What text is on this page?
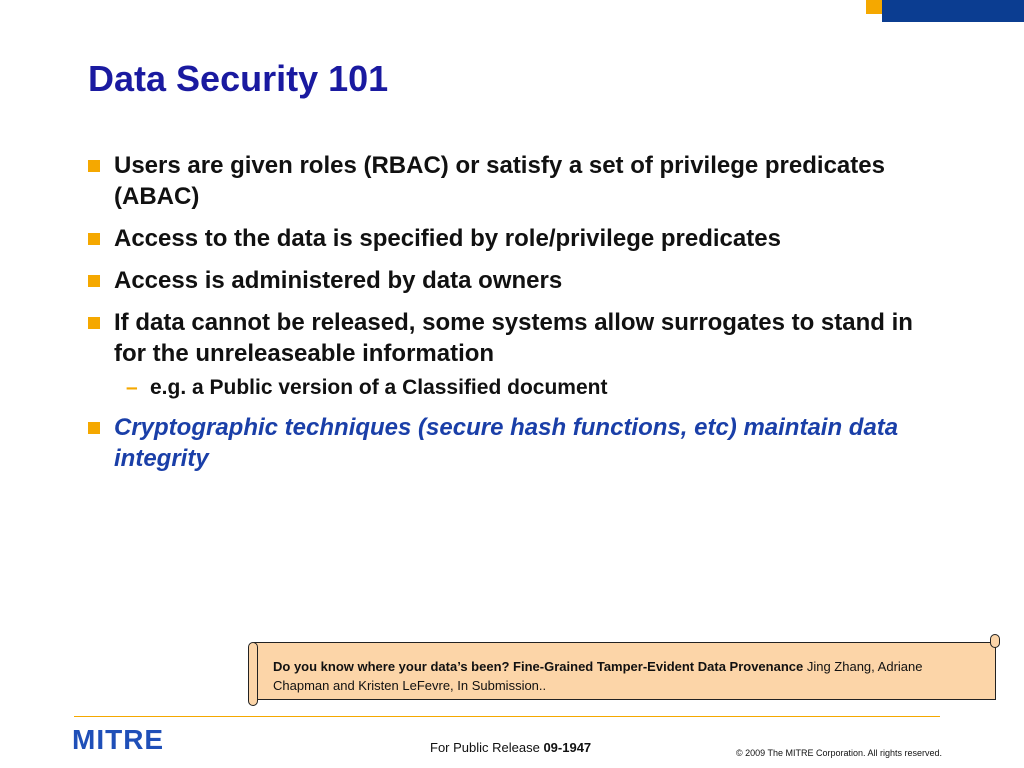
Data Security 101
Users are given roles (RBAC) or satisfy a set of privilege predicates (ABAC)
Access to the data is specified by role/privilege predicates
Access is administered by data owners
If data cannot be released, some systems allow surrogates to stand in for the unreleaseable information
– e.g. a Public version of a Classified document
Cryptographic techniques (secure hash functions, etc) maintain data integrity
Do you know where your data’s been? Fine-Grained Tamper-Evident Data Provenance Jing Zhang, Adriane Chapman and Kristen LeFevre, In Submission..
MITRE	For Public Release 09-1947	© 2009 The MITRE Corporation. All rights reserved.
